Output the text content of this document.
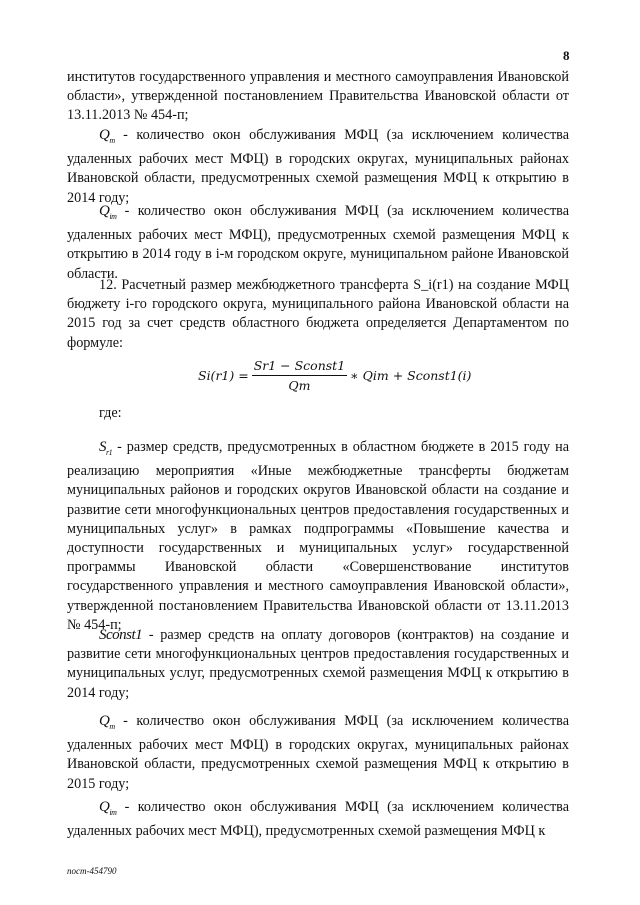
8

институтов государственного управления и местного самоуправления Ивановской области», утвержденной постановлением Правительства Ивановской области от 13.11.2013 № 454-п;

$Q_m$ - количество окон обслуживания МФЦ (за исключением количества удаленных рабочих мест МФЦ) в городских округах, муниципальных районах Ивановской области, предусмотренных схемой размещения МФЦ к открытию в 2014 году;

$Q_{im}$ - количество окон обслуживания МФЦ (за исключением количества удаленных рабочих мест МФЦ), предусмотренных схемой размещения МФЦ к открытию в 2014 году в i-м городском округе, муниципальном районе Ивановской области.

12. Расчетный размер межбюджетного трансферта S_i(r1) на создание МФЦ бюджету i-го городского округа, муниципального района Ивановской области на 2015 год за счет средств областного бюджета определяется Департаментом по формуле:

$Si(r1) = \frac{\text{Sr1 − Sconst1}}{Qm}$ ∗ Qim + Sconst1(i)

где:

$S_{r1}$ - размер средств, предусмотренных в областном бюджете в 2015 году на реализацию мероприятия «Иные межбюджетные трансферты бюджетам муниципальных районов и городских округов Ивановской области на создание и развитие сети многофункциональных центров предоставления государственных и муниципальных услуг» в рамках подпрограммы «Повышение качества и доступности государственных и муниципальных услуг» государственной программы Ивановской области «Совершенствование институтов государственного управления и местного самоуправления Ивановской области», утвержденной постановлением Правительства Ивановской области от 13.11.2013 № 454-п;

Sconst1 - размер средств на оплату договоров (контрактов) на создание и развитие сети многофункциональных центров предоставления государственных и муниципальных услуг, предусмотренных схемой размещения МФЦ к открытию в 2014 году;

$Q_m$ - количество окон обслуживания МФЦ (за исключением количества удаленных рабочих мест МФЦ) в городских округах, муниципальных районах Ивановской области, предусмотренных схемой размещения МФЦ к открытию в 2015 году;

$Q_{im}$ - количество окон обслуживания МФЦ (за исключением количества удаленных рабочих мест МФЦ), предусмотренных схемой размещения МФЦ к

пост-454790
